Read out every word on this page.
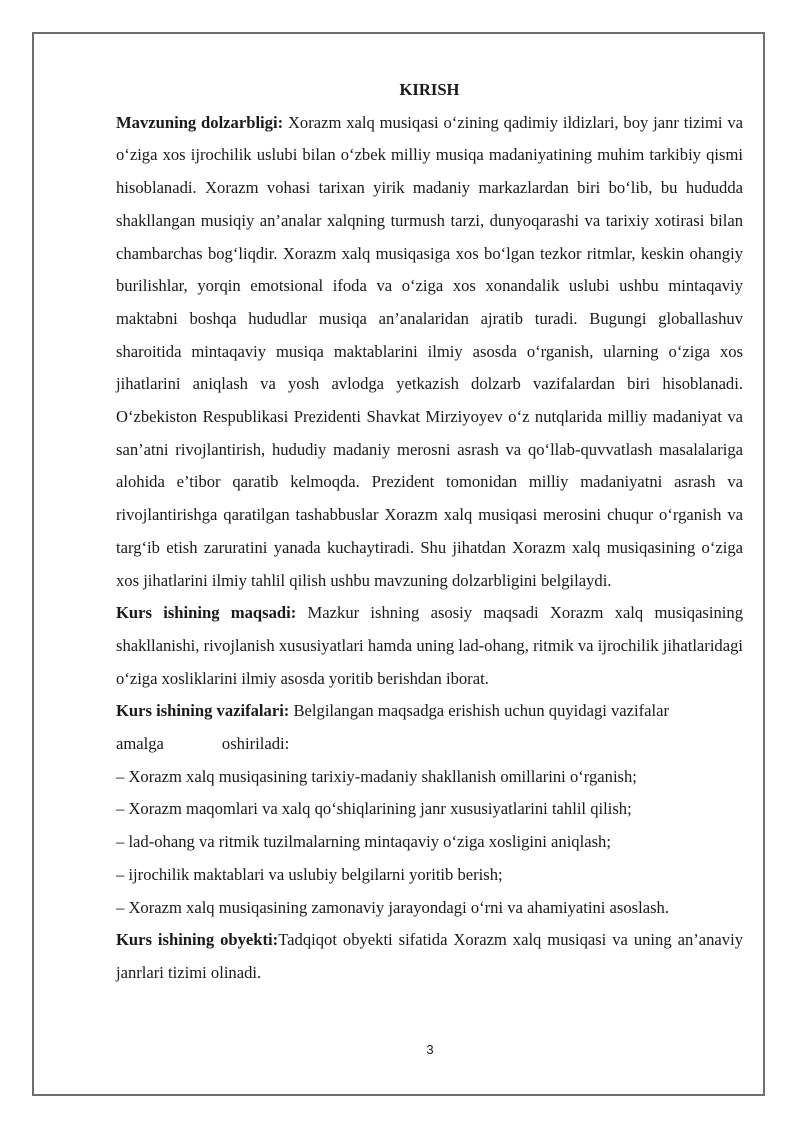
KIRISH

Mavzuning dolzarbligi: Xorazm xalq musiqasi o‘zining qadimiy ildizlari, boy janr tizimi va o‘ziga xos ijrochilik uslubi bilan o‘zbek milliy musiqa madaniyatining muhim tarkibiy qismi hisoblanadi. Xorazm vohasi tarixan yirik madaniy markazlardan biri bo‘lib, bu hududda shakllangan musiqiy an’analar xalqning turmush tarzi, dunyoqarashi va tarixiy xotirasi bilan chambarchas bog‘liqdir. Xorazm xalq musiqasiga xos bo‘lgan tezkor ritmlar, keskin ohangiy burilishlar, yorqin emotsional ifoda va o‘ziga xos xonandalik uslubi ushbu mintaqaviy maktabni boshqa hududlar musiqa an’analaridan ajratib turadi. Bugungi globallashuv sharoitida mintaqaviy musiqa maktablarini ilmiy asosda o‘rganish, ularning o‘ziga xos jihatlarini aniqlash va yosh avlodga yetkazish dolzarb vazifalardan biri hisoblanadi. O‘zbekiston Respublikasi Prezidenti Shavkat Mirziyoyev o‘z nutqlarida milliy madaniyat va san’atni rivojlantirish, hududiy madaniy merosni asrash va qo‘llab-quvvatlash masalalariga alohida e’tibor qaratib kelmoqda. Prezident tomonidan milliy madaniyatni asrash va rivojlantirishga qaratilgan tashabbuslar Xorazm xalq musiqasi merosini chuqur o‘rganish va targ‘ib etish zaruratini yanada kuchaytiradi. Shu jihatdan Xorazm xalq musiqasining o‘ziga xos jihatlarini ilmiy tahlil qilish ushbu mavzuning dolzarbligini belgilaydi.

Kurs ishining maqsadi: Mazkur ishning asosiy maqsadi Xorazm xalq musiqasining shakllanishi, rivojlanish xususiyatlari hamda uning lad-ohang, ritmik va ijrochilik jihatlaridagi o‘ziga xosliklarini ilmiy asosda yoritib berishdan iborat.

Kurs ishining vazifalari: Belgilangan maqsadga erishish uchun quyidagi vazifalar

amalga	oshiriladi:

– Xorazm xalq musiqasining tarixiy-madaniy shakllanish omillarini o‘rganish;

– Xorazm maqomlari va xalq qo‘shiqlarining janr xususiyatlarini tahlil qilish;

– lad-ohang va ritmik tuzilmalarning mintaqaviy o‘ziga xosligini aniqlash;

– ijrochilik maktablari va uslubiy belgilarni yoritib berish;

– Xorazm xalq musiqasining zamonaviy jarayondagi o‘rni va ahamiyatini asoslash.

Kurs ishining obyekti:Tadqiqot obyekti sifatida Xorazm xalq musiqasi va uning an’anaviy janrlari tizimi olinadi.

3
